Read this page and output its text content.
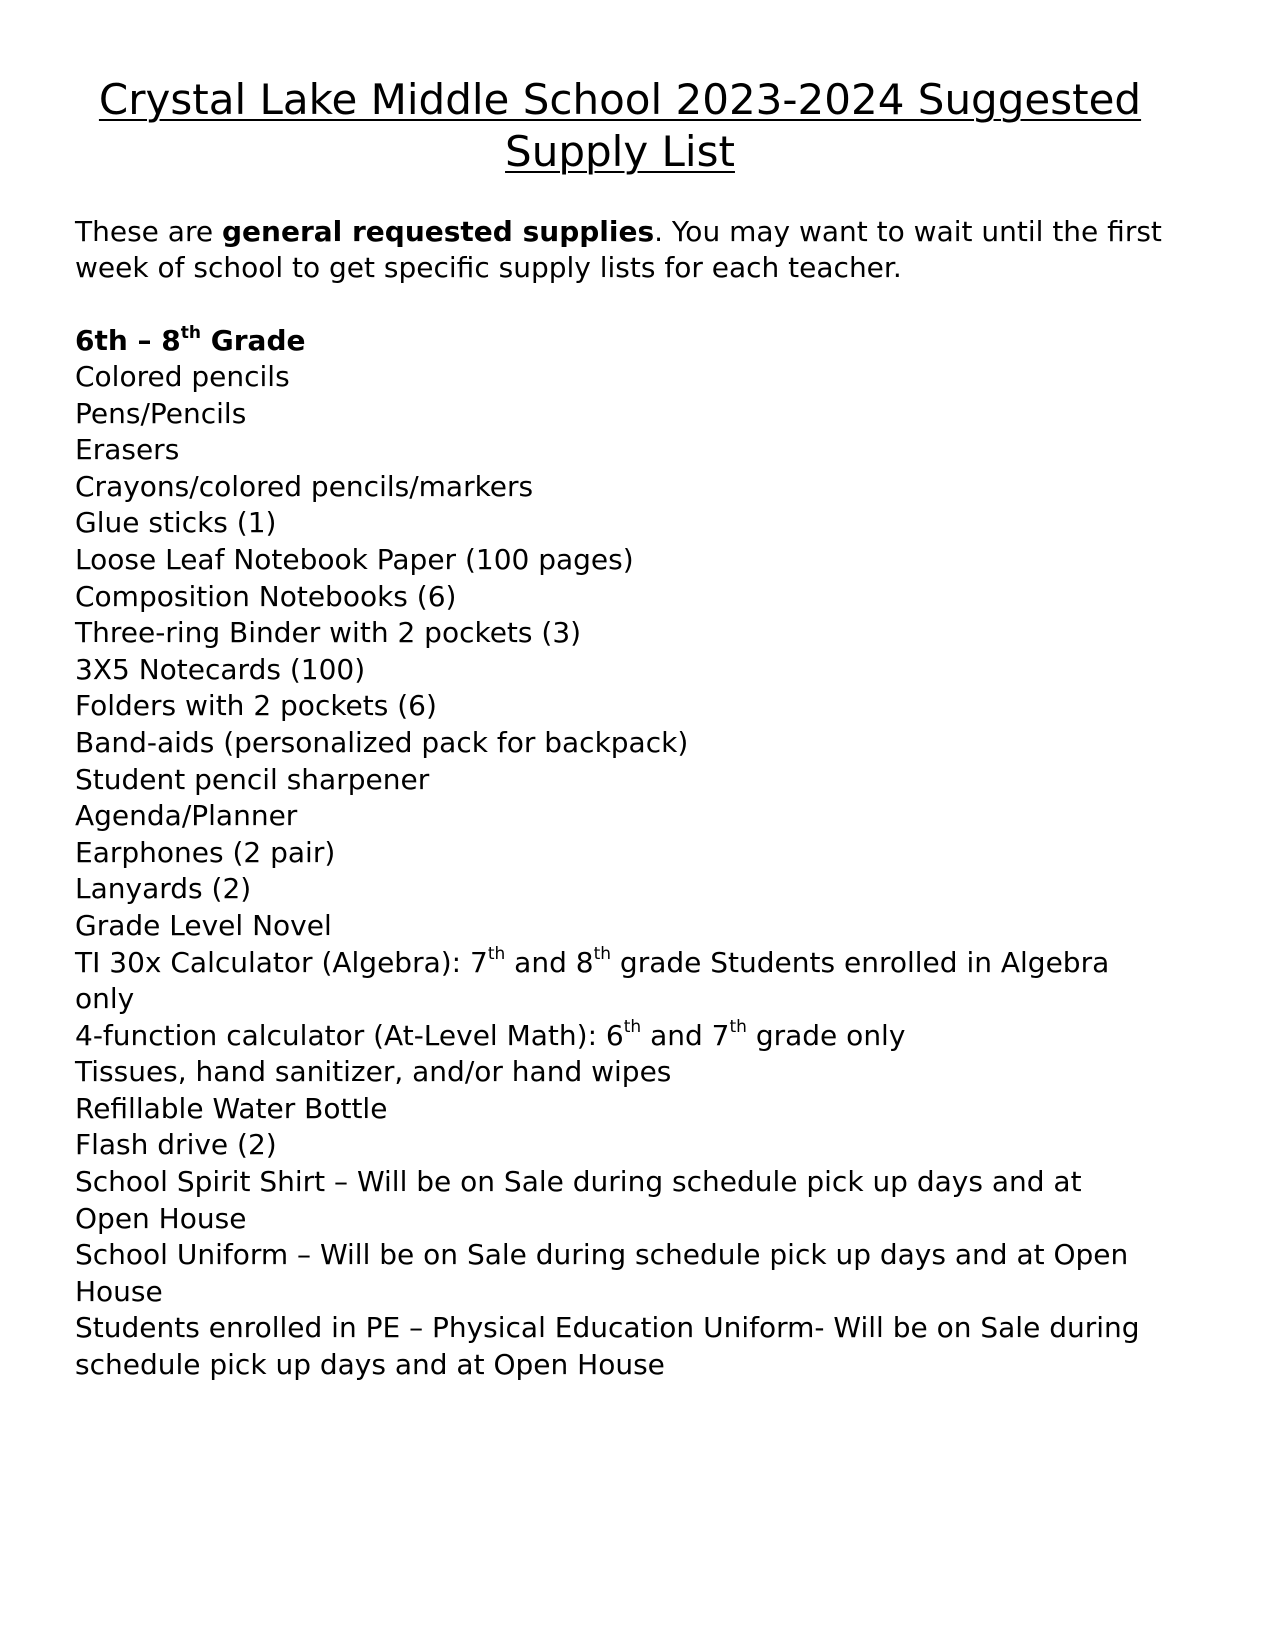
Crystal Lake Middle School 2023-2024 Suggested
Supply List

These are general requested supplies. You may want to wait until the first week of school to get specific supply lists for each teacher.

6th – 8th Grade
Colored pencils
Pens/Pencils
Erasers
Crayons/colored pencils/markers
Glue sticks (1)
Loose Leaf Notebook Paper (100 pages)
Composition Notebooks (6)
Three-ring Binder with 2 pockets (3)
3X5 Notecards (100)
Folders with 2 pockets (6)
Band-aids (personalized pack for backpack)
Student pencil sharpener
Agenda/Planner
Earphones (2 pair)
Lanyards (2)
Grade Level Novel
TI 30x Calculator (Algebra): 7th and 8th grade Students enrolled in Algebra only
4-function calculator (At-Level Math): 6th and 7th grade only
Tissues, hand sanitizer, and/or hand wipes
Refillable Water Bottle
Flash drive (2)
School Spirit Shirt – Will be on Sale during schedule pick up days and at Open House
School Uniform – Will be on Sale during schedule pick up days and at Open House
Students enrolled in PE – Physical Education Uniform- Will be on Sale during schedule pick up days and at Open House
